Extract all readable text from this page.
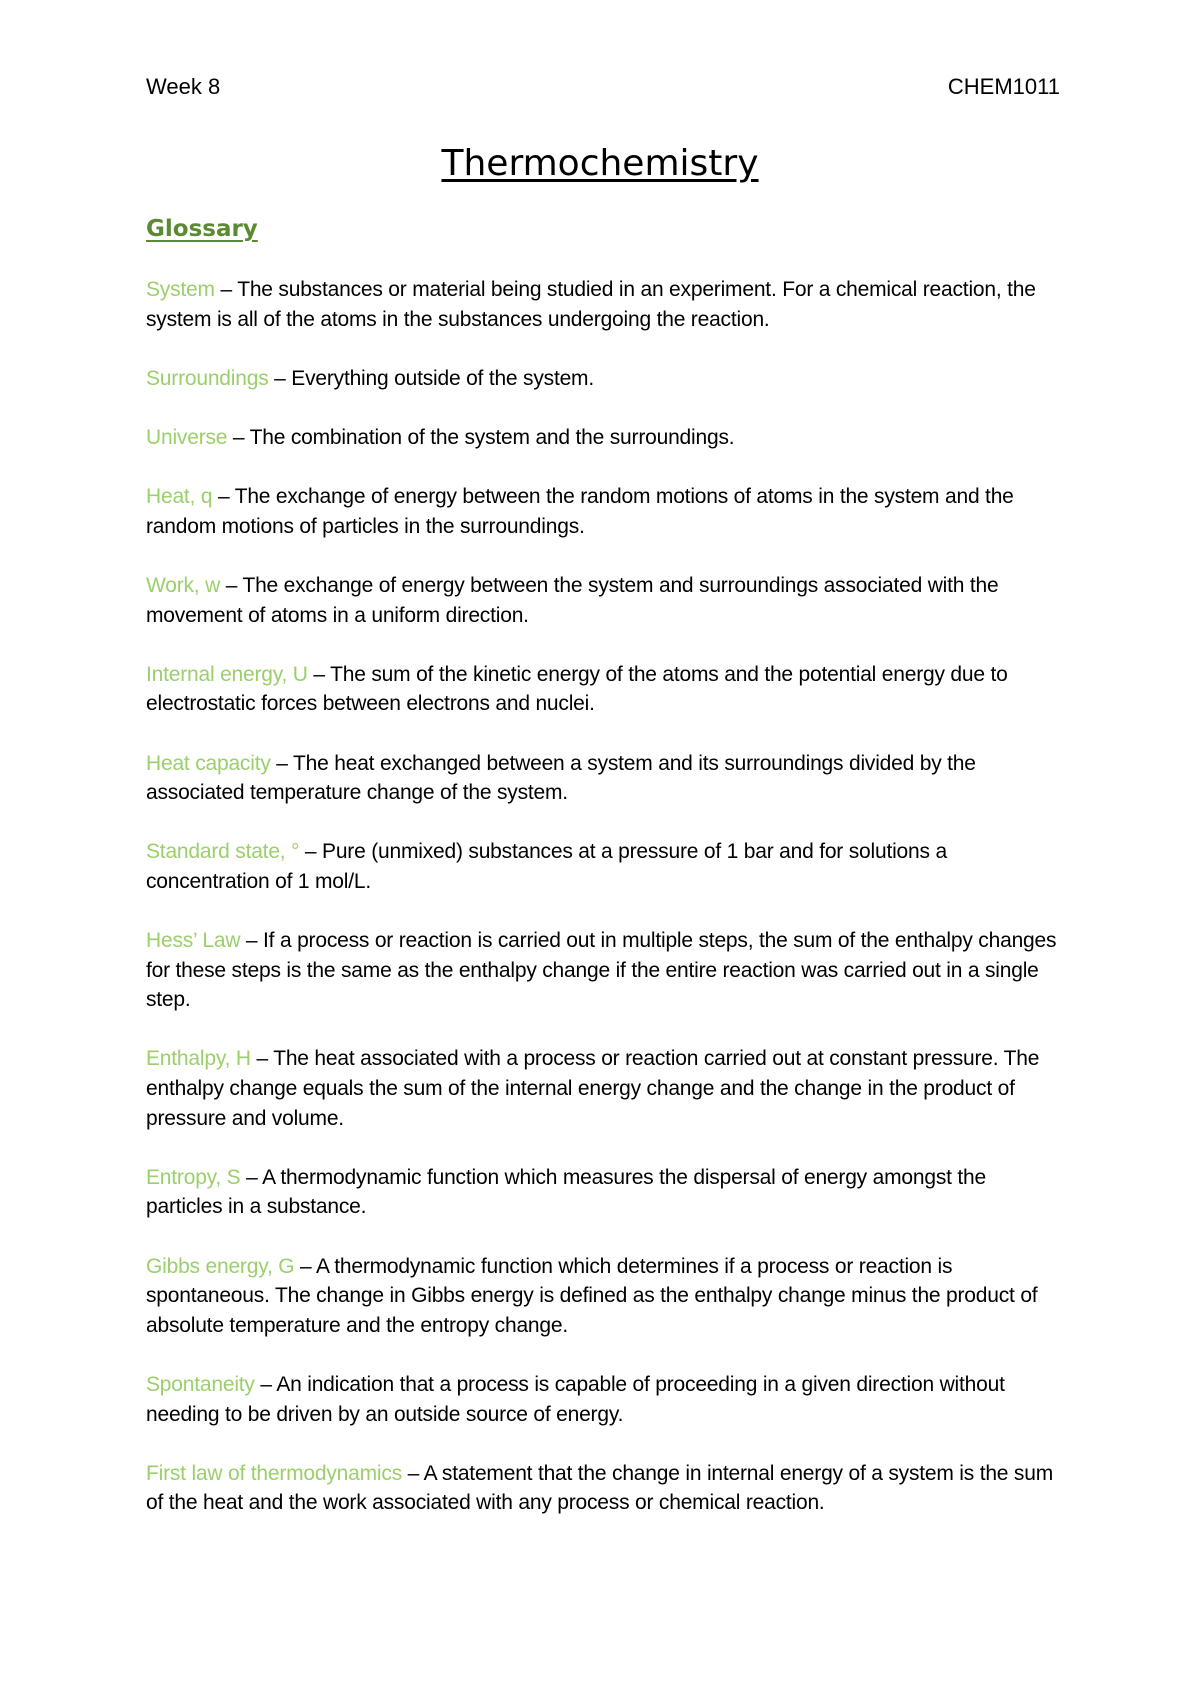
Week 8	CHEM1011
Thermochemistry
Glossary
System – The substances or material being studied in an experiment. For a chemical reaction, the system is all of the atoms in the substances undergoing the reaction.
Surroundings – Everything outside of the system.
Universe – The combination of the system and the surroundings.
Heat, q – The exchange of energy between the random motions of atoms in the system and the random motions of particles in the surroundings.
Work, w – The exchange of energy between the system and surroundings associated with the movement of atoms in a uniform direction.
Internal energy, U – The sum of the kinetic energy of the atoms and the potential energy due to electrostatic forces between electrons and nuclei.
Heat capacity – The heat exchanged between a system and its surroundings divided by the associated temperature change of the system.
Standard state, ° – Pure (unmixed) substances at a pressure of 1 bar and for solutions a concentration of 1 mol/L.
Hess’ Law – If a process or reaction is carried out in multiple steps, the sum of the enthalpy changes for these steps is the same as the enthalpy change if the entire reaction was carried out in a single step.
Enthalpy, H – The heat associated with a process or reaction carried out at constant pressure. The enthalpy change equals the sum of the internal energy change and the change in the product of pressure and volume.
Entropy, S – A thermodynamic function which measures the dispersal of energy amongst the particles in a substance.
Gibbs energy, G – A thermodynamic function which determines if a process or reaction is spontaneous. The change in Gibbs energy is defined as the enthalpy change minus the product of absolute temperature and the entropy change.
Spontaneity – An indication that a process is capable of proceeding in a given direction without needing to be driven by an outside source of energy.
First law of thermodynamics – A statement that the change in internal energy of a system is the sum of the heat and the work associated with any process or chemical reaction.
